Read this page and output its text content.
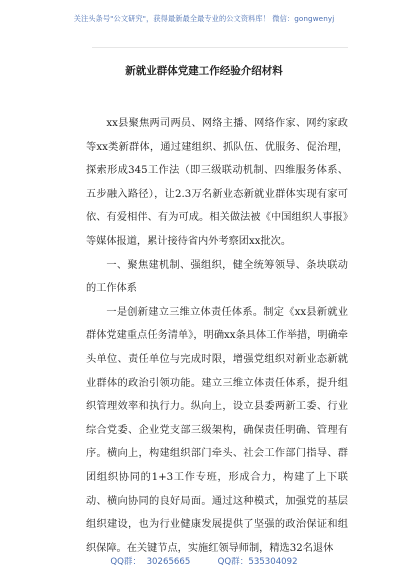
关注头条号"公文研究"，获得最新最全最专业的公文资料库！ 微信：gongwenyj
新就业群体党建工作经验介绍材料

xx县聚焦两司两员、网络主播、网络作家、网约家政等xx类新群体，通过建组织、抓队伍、优服务、促治理，探索形成345工作法（即三级联动机制、四维服务体系、五步融入路径），让2.3万名新业态新就业群体实现有家可依、有爱相伴、有为可成。相关做法被《中国组织人事报》等媒体报道，累计接待省内外考察团xx批次。

一、聚焦建机制、强组织，健全统筹领导、条块联动的工作体系

一是创新建立三维立体责任体系。制定《xx县新就业群体党建重点任务清单》，明确xx条具体工作举措，明确牵头单位、责任单位与完成时限，增强党组织对新业态新就业群体的政治引领功能。建立三维立体责任体系，提升组织管理效率和执行力。纵向上，设立县委两新工委、行业综合党委、企业党支部三级架构，确保责任明确、管理有序。横向上，构建组织部门牵头、社会工作部门指导、群团组织协同的1+3工作专班，形成合力，构建了上下联动、横向协同的良好局面。通过这种模式，加强党的基层组织建设，也为行业健康发展提供了坚强的政治保证和组织保障。在关键节点，实施红领导师制，精选32名退休

QQ群：  30265665          QQ群：535304092
